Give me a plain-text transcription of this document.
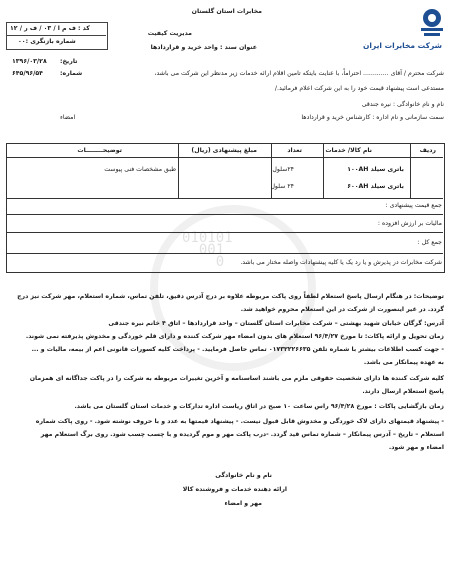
شرکت مخابرات ایران
مخابرات استان گلستان
مدیریت کیفیت
عنوان سند : واحد خرید و قراردادها
کد : ف م ا / ۰۳ / ف ر / ۱۲
شماره بازنگری :۰۰
تاریخ:
۱۳۹۶/۰۳/۲۸
شماره:
۶۴۵/۹۶/۵۴	شرکت محترم / آقای ............. احتراماً، با عنایت بایتکه تامین اقلام ارائه خدمات زیر مدنظر این شرکت می باشد،
مستدعی است پیشنهاد قیمت خود را به این شرکت اعلام فرمائید./
نام و نام خانوادگی : نیره جندقی
سمت سازمانی و نام اداره : کارشناس خرید و قراردادها
امضاء
010101
001
0
ردیف
نام کالا/ خدمات
تعداد
مبلغ پیشنهادی (ریال)
توضیحــــــــات
باتری سیلد ۱۰۰AH
۲۴سلول
طبق مشخصات فنی پیوست
باتری سیلد ۶۰۰AH
۲۴ سلول
جمع قیمت پیشنهادی :
مالیات بر ارزش افزوده :
جمع کل :
شرکت مخابرات در پذیرش و یا رد یک یا کلیه پیشنهادات واصله مختار می باشد.
توضیحات: در هنگام ارسال پاسخ استعلام لطفاً روی پاکت مربوطه علاوه بر درج آدرس دقیق، تلفن تماس، شماره استعلام، مهر شرکت نیز درج
گردد. در غیر اینصورت از شرکت در این استعلام محروم خواهید شد.
آدرس: گرگان خیابان شهید بهشتی – شرکت مخابرات استان گلستان – واحد قراردادها – اتاق ۴ خانم نیره جندقی
زمان تحویل و ارائه پاکات: تا مورخ ۹۶/۴/۲۷ استعلام های بدون امضاء مهر شرکت کننده و دارای قلم خوردگی و مخدوش پذیرفته نمی شوند.
- جهت کسب اطلاعات بیشتر با شماره تلفن ۰۱۷۳۲۲۲۶۶۳۵ تماس حاصل فرمایید. - پرداخت کلیه کسورات قانونی اعم از بیمه، مالیات و ...
به عهده پیمانکار می باشد.
کلیه شرکت کننده ها دارای شخصیت حقوقی ملزم می باشند اساسنامه و آخرین تغییرات مربوطه به شرکت را در پاکت جداگانه ای همزمان
پاسخ استعلام ارسال دارند.
زمان بازگشایی پاکات : مورخ ۹۶/۴/۲۸ راس ساعت ۱۰ صبح در اتاق ریاست اداره تدارکات و خدمات استان گلستان می باشد.
- پیشنهاد قیمتهای دارای لاک خوردگی و مخدوش قابل قبول نیست. - پیشنهاد قیمتها به عدد و با حروف نوشته شود. - روی پاکت شماره
استعلام – تاریخ – آدرس پیمانکار – شماره تماس قید گردد. -درب پاکت مهر و موم گردیده و با چسب چسب شود. روی برگ استعلام مهر
امضاء و مهر شود.
نام و نام خانوادگی
ارائه دهنده خدمات و فروشنده کالا
مهر و امضاء
